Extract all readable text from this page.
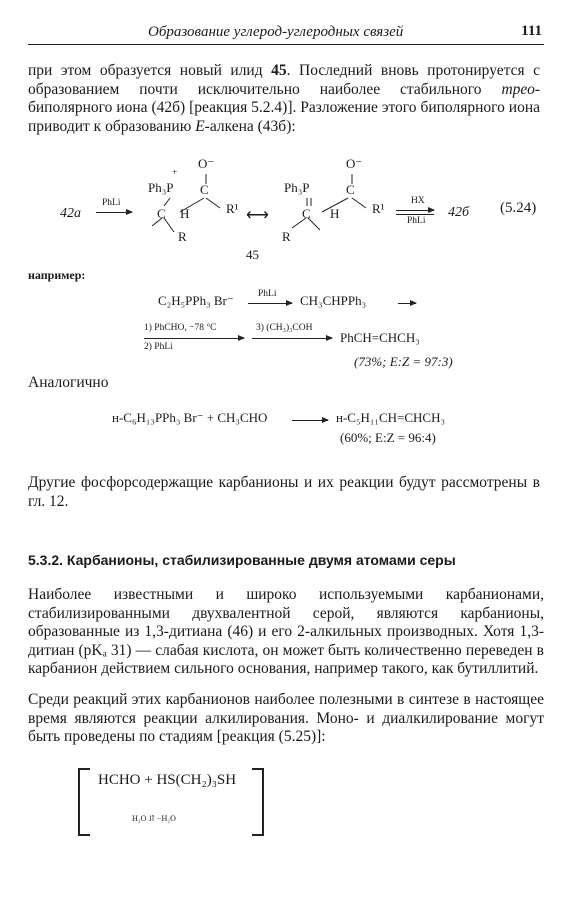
Образование углерод-углеродных связей	111
при этом образуется новый илид 45. Последний вновь протонируется с образованием почти исключительно наиболее стабильного трео-биполярного иона (42б) [реакция 5.2.4)]. Разложение этого биполярного иона приводит к образованию E-алкена (43б):
42а
PhLi
Ph₃P
+
O⁻
C
C H	R¹
R
⟷
Ph₃P
O⁻
C
C H	R¹
R
HX
PhLi
42б (5.24)
45
например:
C₂H₅PPh₃ Br⁻	PhLi CH₃CHPPh₃
1) PhCHO, −78 °C
2) PhLi
3) (CH₃)₃COH
PhCH=CHCH₃
(73%; E:Z = 97:3)
Аналогично
н-C₆H₁₃PPh₃ Br⁻ + CH₃CHO	н-C₅H₁₁CH=CHCH₃
(60%; E:Z = 96:4)
Другие фосфорсодержащие карбанионы и их реакции будут рассмотрены в гл. 12.
5.3.2. Карбанионы, стабилизированные двумя атомами серы
Наиболее известными и широко используемыми карбанионами, стабилизированными двухвалентной серой, являются карбанионы, образованные из 1,3-дитиана (46) и его 2-алкильных производных. Хотя 1,3-дитиан (pKₐ 31) — слабая кислота, он может быть количественно переведен в карбанион действием сильного основания, например такого, как бутиллитий.
Среди реакций этих карбанионов наиболее полезными в синтезе в настоящее время являются реакции алкилирования. Моно- и диалкилирование могут быть проведены по стадиям [реакция (5.25)]:
HCHO + HS(CH₂)₃SH
H₂O ⇵ −H₂O
